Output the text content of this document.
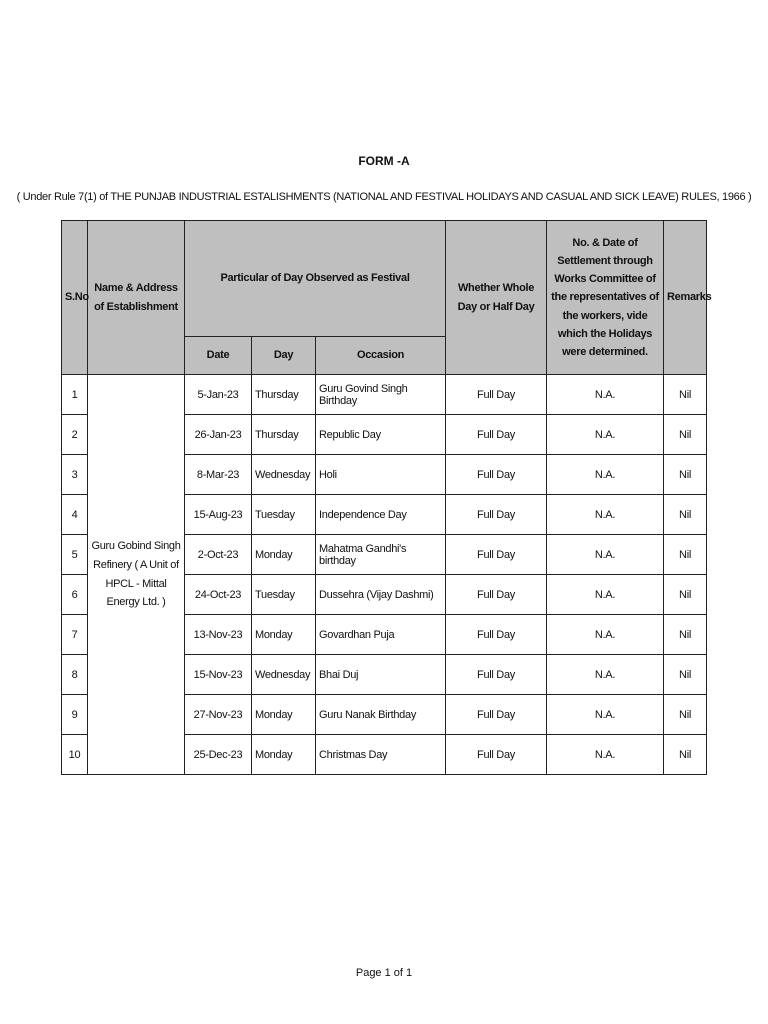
FORM -A
( Under Rule 7(1) of THE PUNJAB INDUSTRIAL ESTALISHMENTS (NATIONAL AND FESTIVAL HOLIDAYS AND CASUAL AND SICK LEAVE) RULES, 1966 )
S.No	Name & Address of Establishment	Particular of Day Observed as Festival			Whether Whole Day or Half Day	No. & Date of Settlement through Works Committee of the representatives of the workers, vide which the Holidays were determined.	Remarks
		Date	Day	Occasion			
1	Guru Gobind Singh Refinery ( A Unit of HPCL - Mittal Energy Ltd. )	5-Jan-23	Thursday	Guru Govind Singh Birthday	Full Day	N.A.	Nil
2		26-Jan-23	Thursday	Republic Day	Full Day	N.A.	Nil
3		8-Mar-23	Wednesday	Holi	Full Day	N.A.	Nil
4		15-Aug-23	Tuesday	Independence Day	Full Day	N.A.	Nil
5		2-Oct-23	Monday	Mahatma Gandhi's birthday	Full Day	N.A.	Nil
6		24-Oct-23	Tuesday	Dussehra (Vijay Dashmi)	Full Day	N.A.	Nil
7		13-Nov-23	Monday	Govardhan Puja	Full Day	N.A.	Nil
8		15-Nov-23	Wednesday	Bhai Duj	Full Day	N.A.	Nil
9		27-Nov-23	Monday	Guru Nanak Birthday	Full Day	N.A.	Nil
10		25-Dec-23	Monday	Christmas Day	Full Day	N.A.	Nil
Page 1 of 1
